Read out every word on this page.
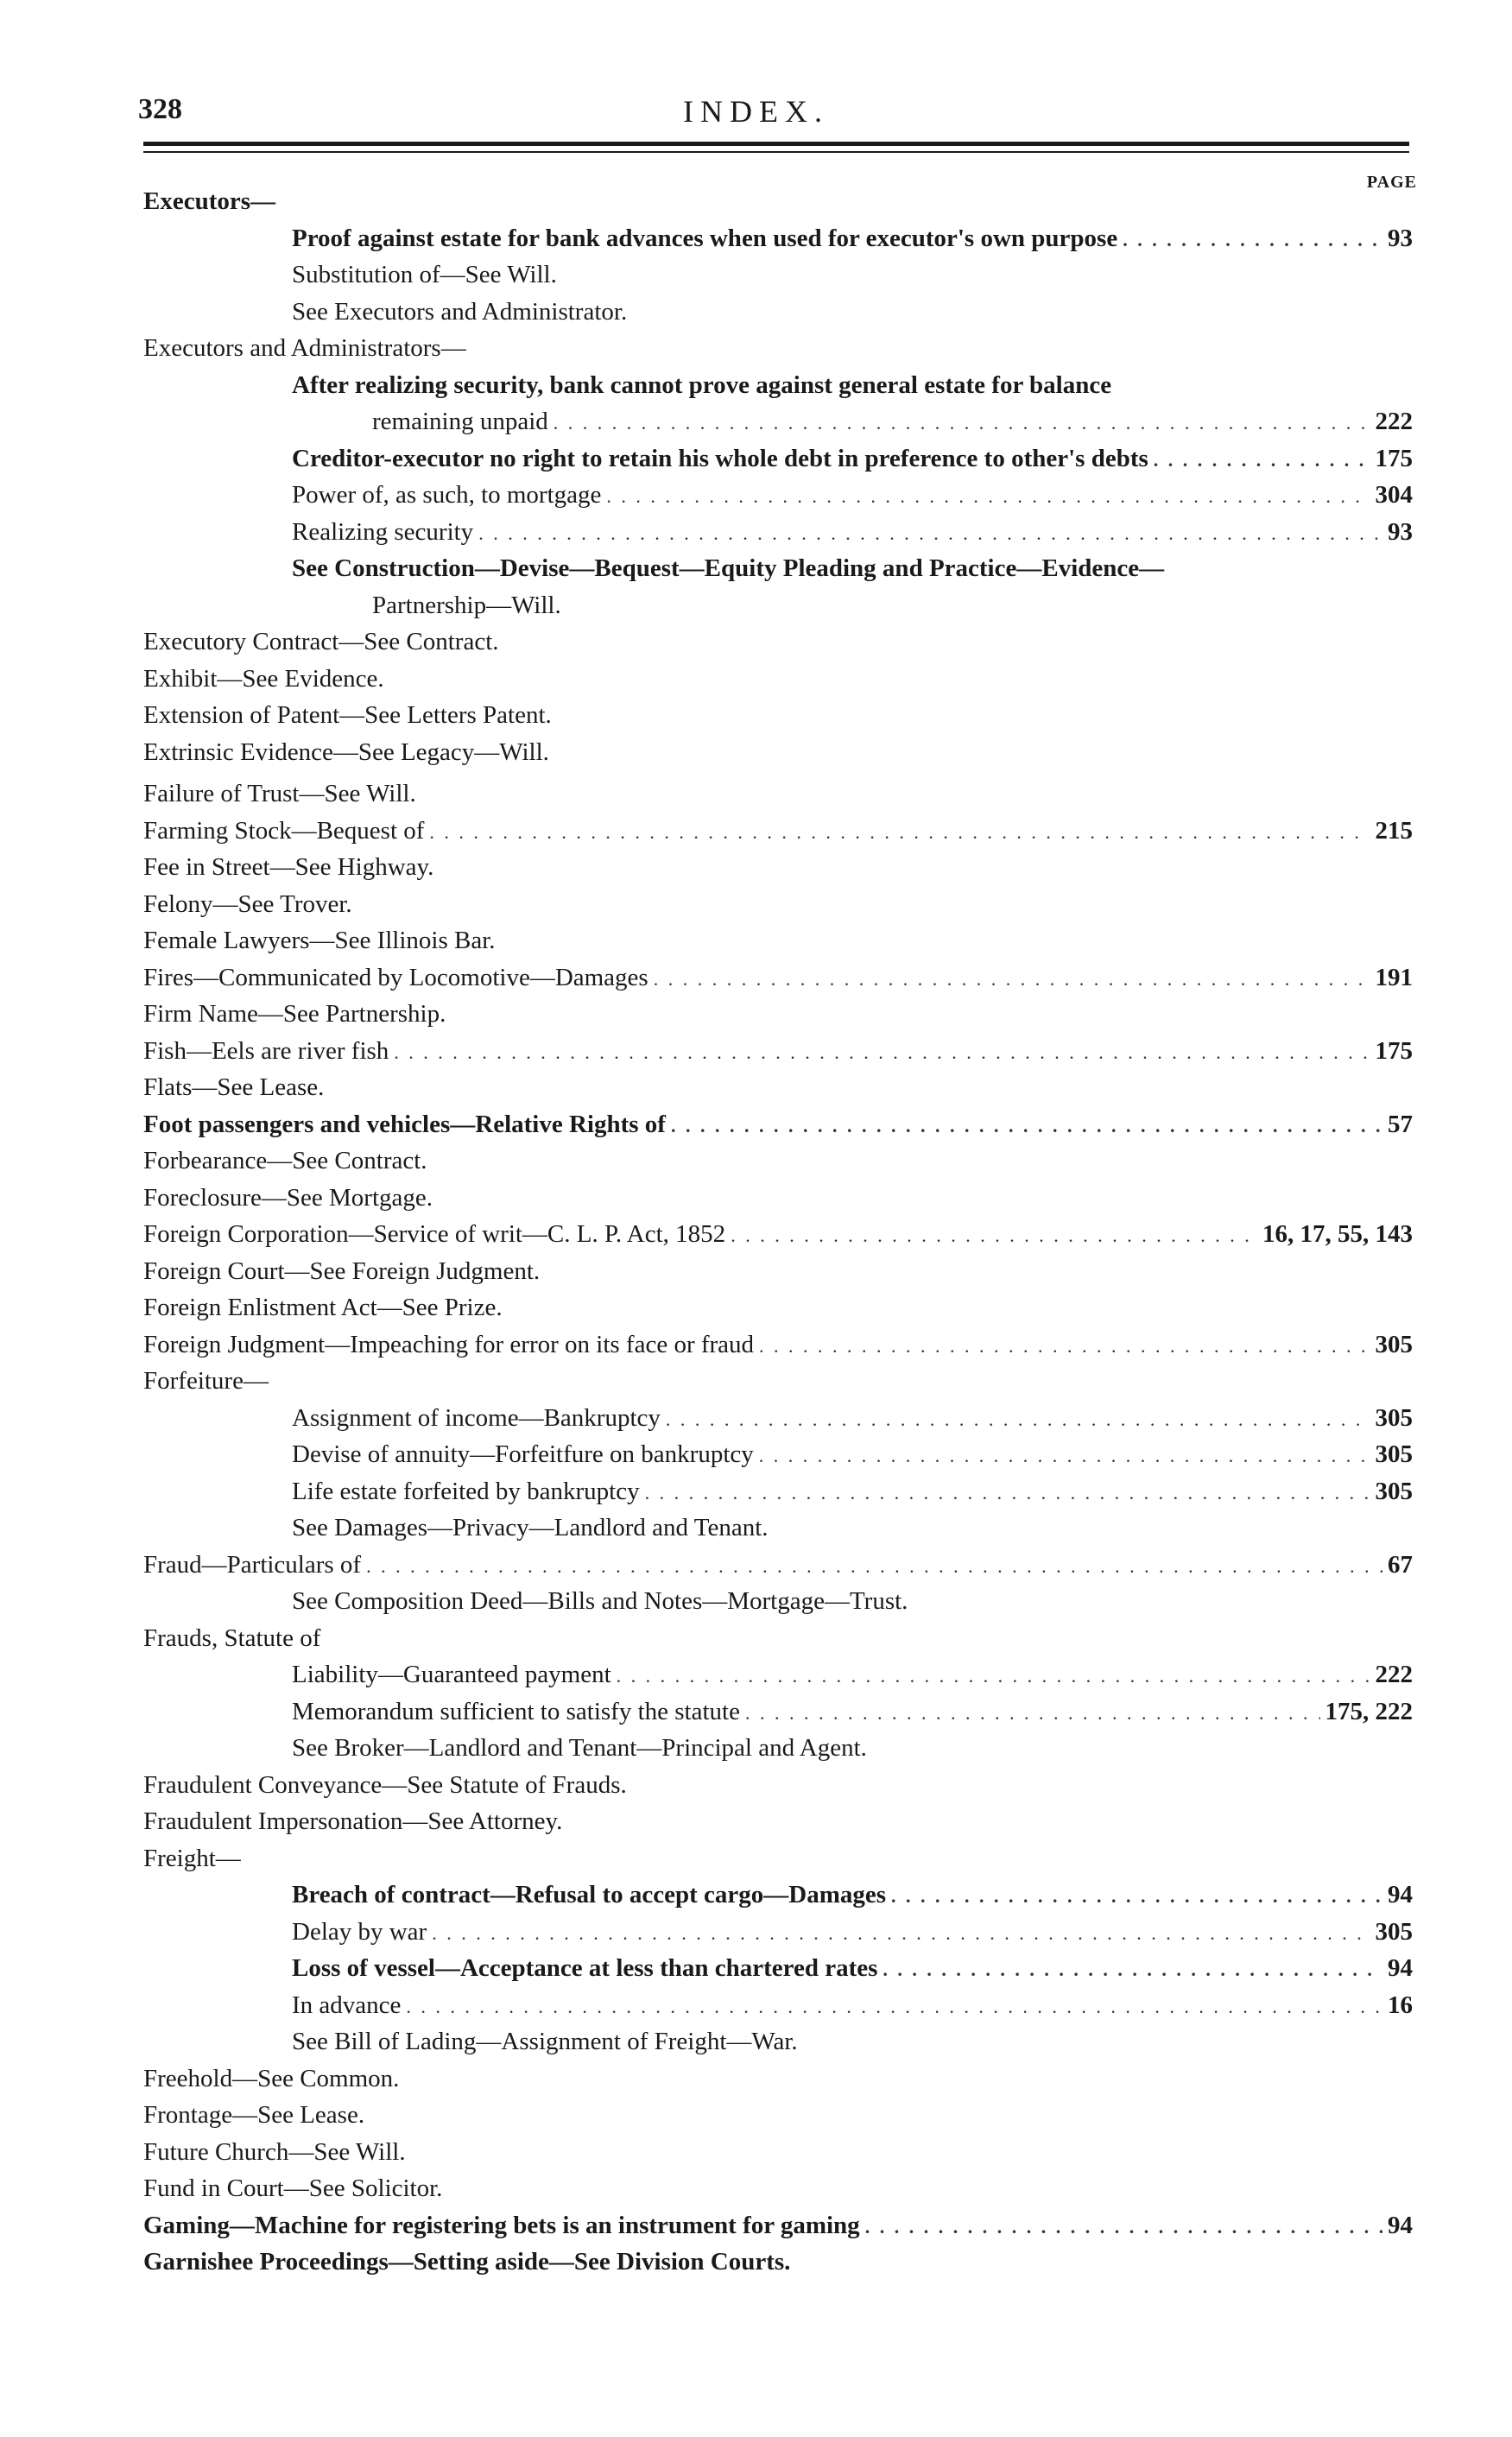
328	INDEX.
PAGE
Executors—
Proof against estate for bank advances when used for executor's own purpose . . .	93
Substitution of—See Will.
See Executors and Administrator.
Executors and Administrators—
After realizing security, bank cannot prove against general estate for balance
remaining unpaid . . .	222
Creditor-executor no right to retain his whole debt in preference to other's debts . . .	175
Power of, as such, to mortgage . . .	304
Realizing security . . .	93
See Construction—Devise—Bequest—Equity Pleading and Practice—Evidence—
Partnership—Will.
Executory Contract—See Contract.
Exhibit—See Evidence.
Extension of Patent—See Letters Patent.
Extrinsic Evidence—See Legacy—Will.
Failure of Trust—See Will.
Farming Stock—Bequest of . . .	215
Fee in Street—See Highway.
Felony—See Trover.
Female Lawyers—See Illinois Bar.
Fires—Communicated by Locomotive—Damages . . .	191
Firm Name—See Partnership.
Fish—Eels are river fish . . .	175
Flats—See Lease.
Foot passengers and vehicles—Relative Rights of . . .	57
Forbearance—See Contract.
Foreclosure—See Mortgage.
Foreign Corporation—Service of writ—C. L. P. Act, 1852 . . .	16, 17, 55, 143
Foreign Court—See Foreign Judgment.
Foreign Enlistment Act—See Prize.
Foreign Judgment—Impeaching for error on its face or fraud . . .	305
Forfeiture—
Assignment of income—Bankruptcy . . .	305
Devise of annuity—Forfeitfure on bankruptcy . . .	305
Life estate forfeited by bankruptcy . . .	305
See Damages—Privacy—Landlord and Tenant.
Fraud—Particulars of . . .	67
See Composition Deed—Bills and Notes—Mortgage—Trust.
Frauds, Statute of
Liability—Guaranteed payment . . .	222
Memorandum sufficient to satisfy the statute . . .	175, 222
See Broker—Landlord and Tenant—Principal and Agent.
Fraudulent Conveyance—See Statute of Frauds.
Fraudulent Impersonation—See Attorney.
Freight—
Breach of contract—Refusal to accept cargo—Damages . . .	94
Delay by war . . .	305
Loss of vessel—Acceptance at less than chartered rates . . .	94
In advance . . .	16
See Bill of Lading—Assignment of Freight—War.
Freehold—See Common.
Frontage—See Lease.
Future Church—See Will.
Fund in Court—See Solicitor.
Gaming—Machine for registering bets is an instrument for gaming . . .	94
Garnishee Proceedings—Setting aside—See Division Courts.
